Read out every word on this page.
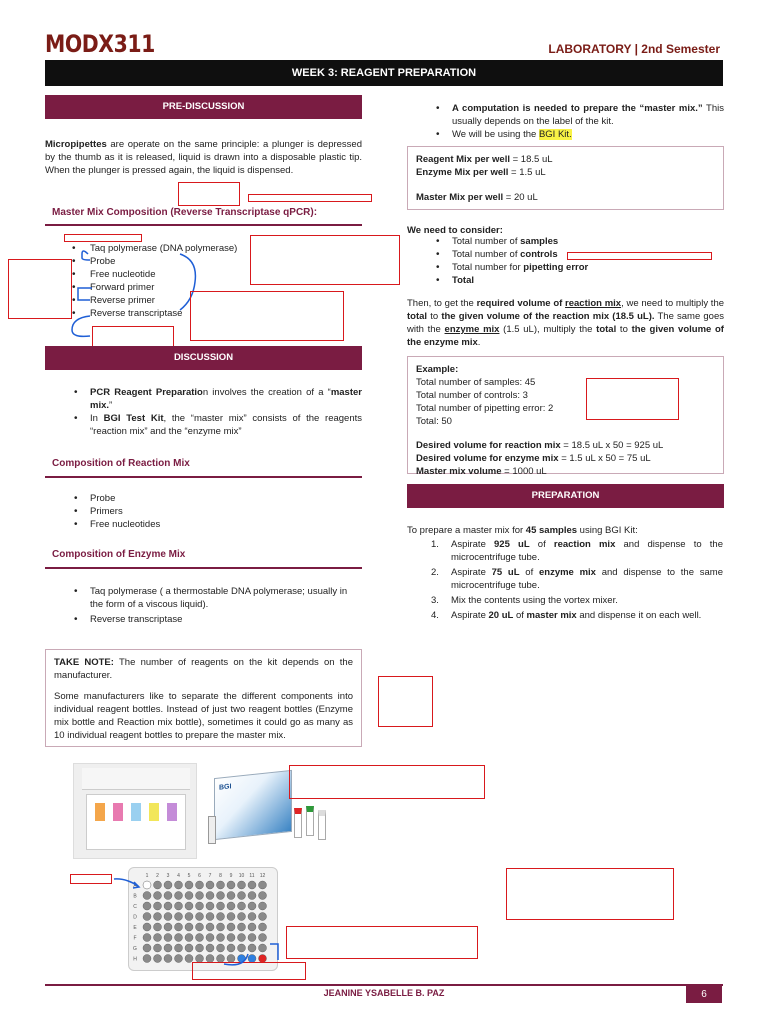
MODX311	LABORATORY | 2nd Semester
WEEK 3: REAGENT PREPARATION
PRE-DISCUSSION

Micropipettes are operate on the same principle: a plunger is depressed by the thumb as it is released, liquid is drawn into a disposable plastic tip. When the plunger is pressed again, the liquid is dispensed.

Master Mix Composition (Reverse Transcriptase qPCR):
• Taq polymerase (DNA polymerase)
• Probe
• Free nucleotide
• Forward primer
• Reverse primer
• Reverse transcriptase
DISCUSSION
• PCR Reagent Preparation involves the creation of a “master mix.”
• In BGI Test Kit, the “master mix” consists of the reagents “reaction mix” and the “enzyme mix”
Composition of Reaction Mix
• Probe
• Primers
• Free nucleotides
Composition of Enzyme Mix
• Taq polymerase ( a thermostable DNA polymerase; usually in the form of a viscous liquid).
• Reverse transcriptase

TAKE NOTE: The number of reagents on the kit depends on the manufacturer.

Some manufacturers like to separate the different components into individual reagent bottles. Instead of just two reagent bottles (Enzyme mix bottle and Reaction mix bottle), sometimes it could go as many as 10 individual reagent bottles to prepare the master mix.

BGI
1 2 3 4 5 6 7 8 9 10 11 12
A
B
C
D
E
F
G
H
• A computation is needed to prepare the “master mix.” This usually depends on the label of the kit.
• We will be using the BGI Kit.

Reagent Mix per well = 18.5 uL

Enzyme Mix per well = 1.5 uL

Master Mix per well = 20 uL

We need to consider:

• Total number of samples
• Total number of controls
• Total number for pipetting error
• Total

Then, to get the required volume of reaction mix, we need to multiply the total to the given volume of the reaction mix (18.5 uL). The same goes with the enzyme mix (1.5 uL), multiply the total to the given volume of the enzyme mix.

Example:

Total number of samples: 45

Total number of controls: 3

Total number of pipetting error: 2

Total: 50

Desired volume for reaction mix = 18.5 uL x 50 = 925 uL

Desired volume for enzyme mix = 1.5 uL x 50 = 75 uL

Master mix volume = 1000 uL

PREPARATION

To prepare a master mix for 45 samples using BGI Kit:

1. Aspirate 925 uL of reaction mix and dispense to the microcentrifuge tube.
2. Aspirate 75 uL of enzyme mix and dispense to the same microcentrifuge tube.
3. Mix the contents using the vortex mixer.
4. Aspirate 20 uL of master mix and dispense it on each well.
JEANINE YSABELLE B. PAZ	6
